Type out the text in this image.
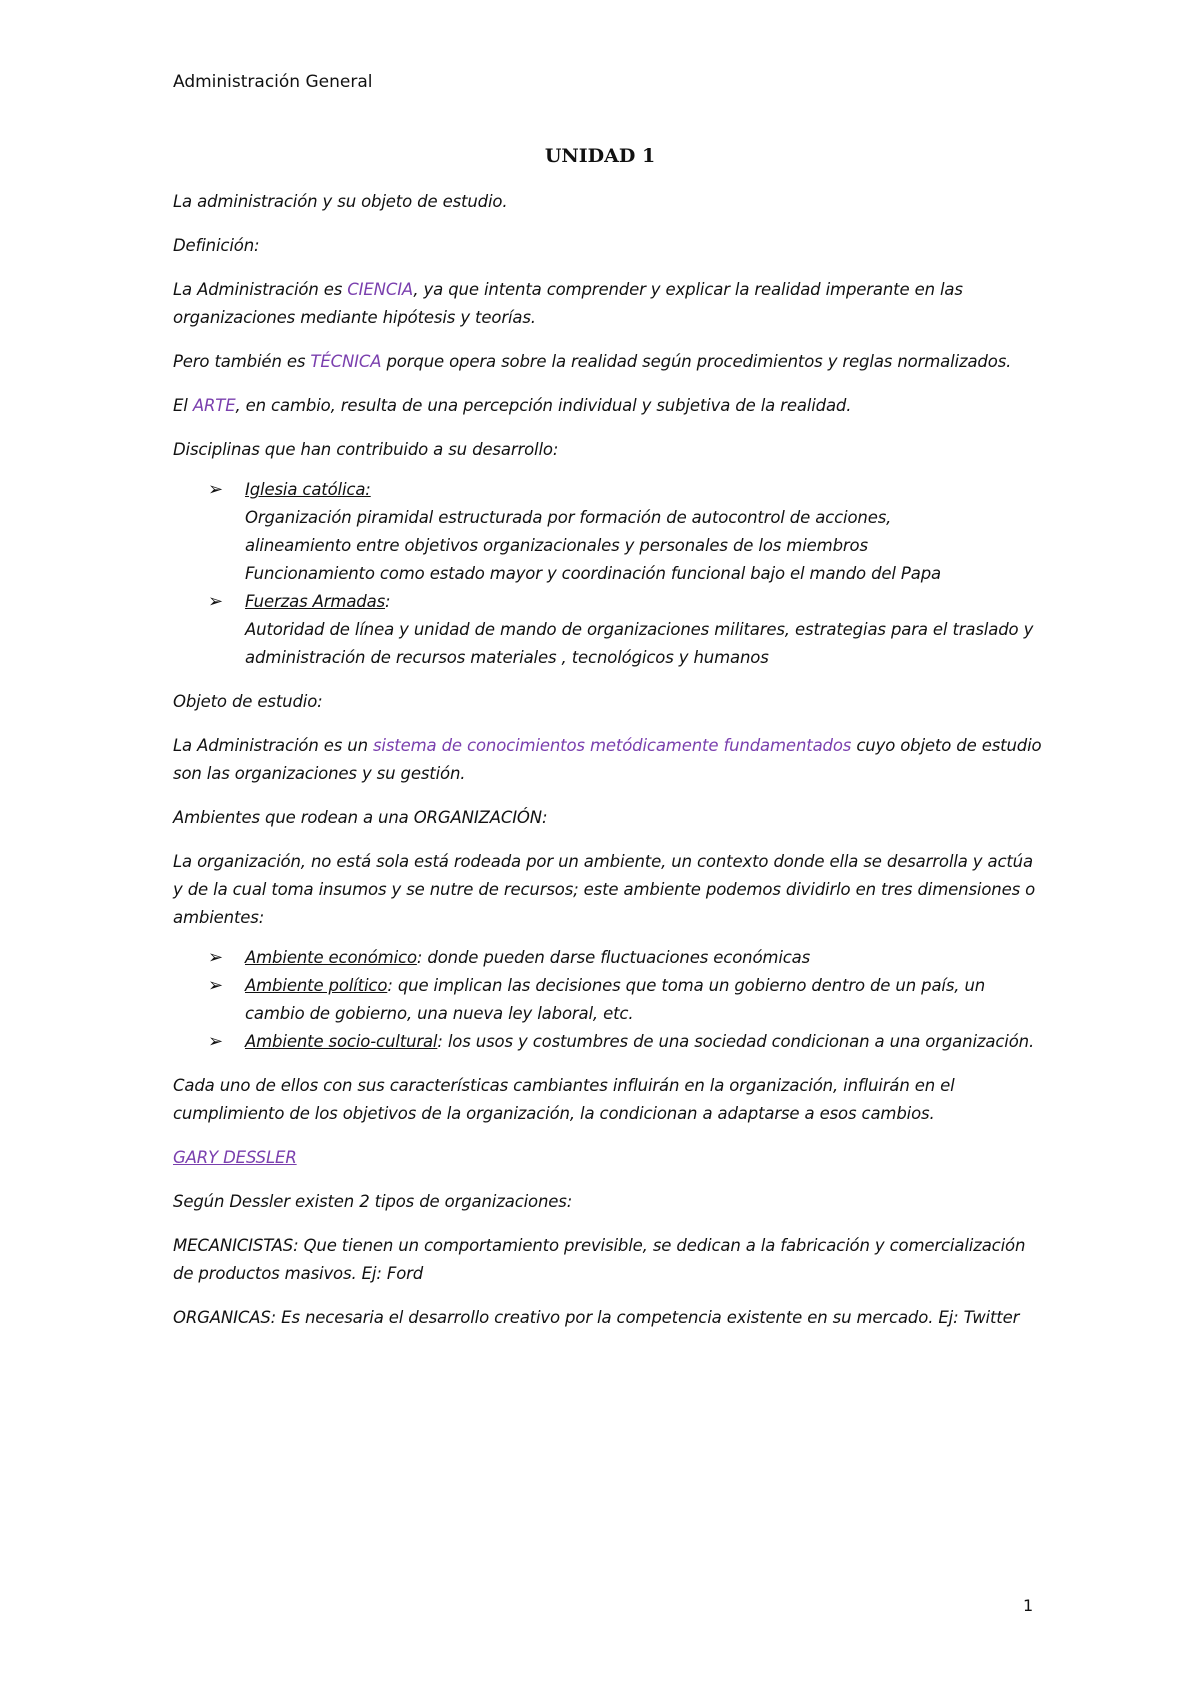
Administración General
UNIDAD 1

La administración y su objeto de estudio.

Definición:

La Administración es CIENCIA, ya que intenta comprender y explicar la realidad imperante en las organizaciones mediante hipótesis y teorías.

Pero también es TÉCNICA porque opera sobre la realidad según procedimientos y reglas normalizados.

El ARTE, en cambio, resulta de una percepción individual y subjetiva de la realidad.

Disciplinas que han contribuido a su desarrollo:

➢ Iglesia católica:
Organización piramidal estructurada por formación de autocontrol de acciones,
alineamiento entre objetivos organizacionales y personales de los miembros
Funcionamiento como estado mayor y coordinación funcional bajo el mando del Papa
➢ Fuerzas Armadas:
Autoridad de línea y unidad de mando de organizaciones militares, estrategias para el traslado y administración de recursos materiales , tecnológicos y humanos

Objeto de estudio:

La Administración es un sistema de conocimientos metódicamente fundamentados cuyo objeto de estudio son las organizaciones y su gestión.

Ambientes que rodean a una ORGANIZACIÓN:

La organización, no está sola está rodeada por un ambiente, un contexto donde ella se desarrolla y actúa y de la cual toma insumos y se nutre de recursos; este ambiente podemos dividirlo en tres dimensiones o ambientes:

➢ Ambiente económico: donde pueden darse fluctuaciones económicas
➢ Ambiente político: que implican las decisiones que toma un gobierno dentro de un país, un cambio de gobierno, una nueva ley laboral, etc.
➢ Ambiente socio-cultural: los usos y costumbres de una sociedad condicionan a una organización.

Cada uno de ellos con sus características cambiantes influirán en la organización, influirán en el cumplimiento de los objetivos de la organización, la condicionan a adaptarse a esos cambios.

GARY DESSLER

Según Dessler existen 2 tipos de organizaciones:

MECANICISTAS: Que tienen un comportamiento previsible, se dedican a la fabricación y comercialización de productos masivos. Ej: Ford

ORGANICAS: Es necesaria el desarrollo creativo por la competencia existente en su mercado. Ej: Twitter

1
